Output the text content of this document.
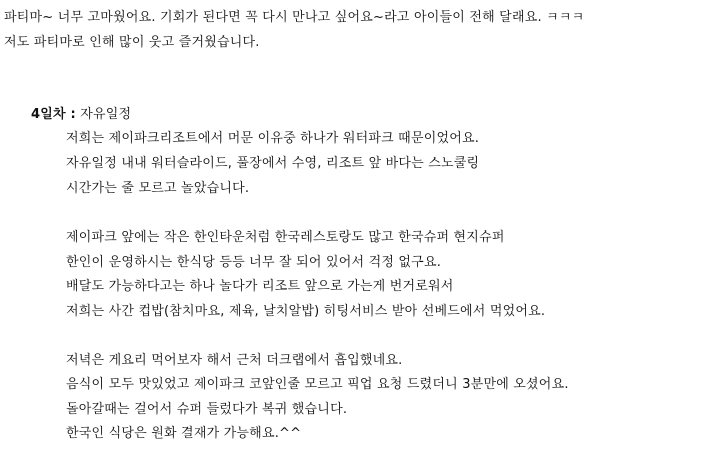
파티마~ 너무 고마웠어요. 기회가 된다면 꼭 다시 만나고 싶어요~라고 아이들이 전해 달래요. ㅋㅋㅋ
저도 파티마로 인해 많이 웃고 즐거웠습니다.
4일차 : 자유일정
저희는 제이파크리조트에서 머문 이유중 하나가 워터파크 때문이었어요.
자유일정 내내 워터슬라이드, 풀장에서 수영, 리조트 앞 바다는 스노쿨링
시간가는 줄 모르고 놀았습니다.
제이파크 앞에는 작은 한인타운처럼 한국레스토랑도 많고 한국슈퍼 현지슈퍼
한인이 운영하시는 한식당 등등 너무 잘 되어 있어서 걱정 없구요.
배달도 가능하다고는 하나 놀다가 리조트 앞으로 가는게 번거로워서
저희는 사간 컵밥(참치마요, 제육, 날치알밥) 히팅서비스 받아 선베드에서 먹었어요.
저녁은 게요리 먹어보자 해서 근처 더크랩에서 흡입했네요.
음식이 모두 맛있었고 제이파크 코앞인줄 모르고 픽업 요청 드렸더니 3분만에 오셨어요.
돌아갈때는 걸어서 슈퍼 들렀다가 복귀 했습니다.
한국인 식당은 원화 결재가 가능해요.^^
